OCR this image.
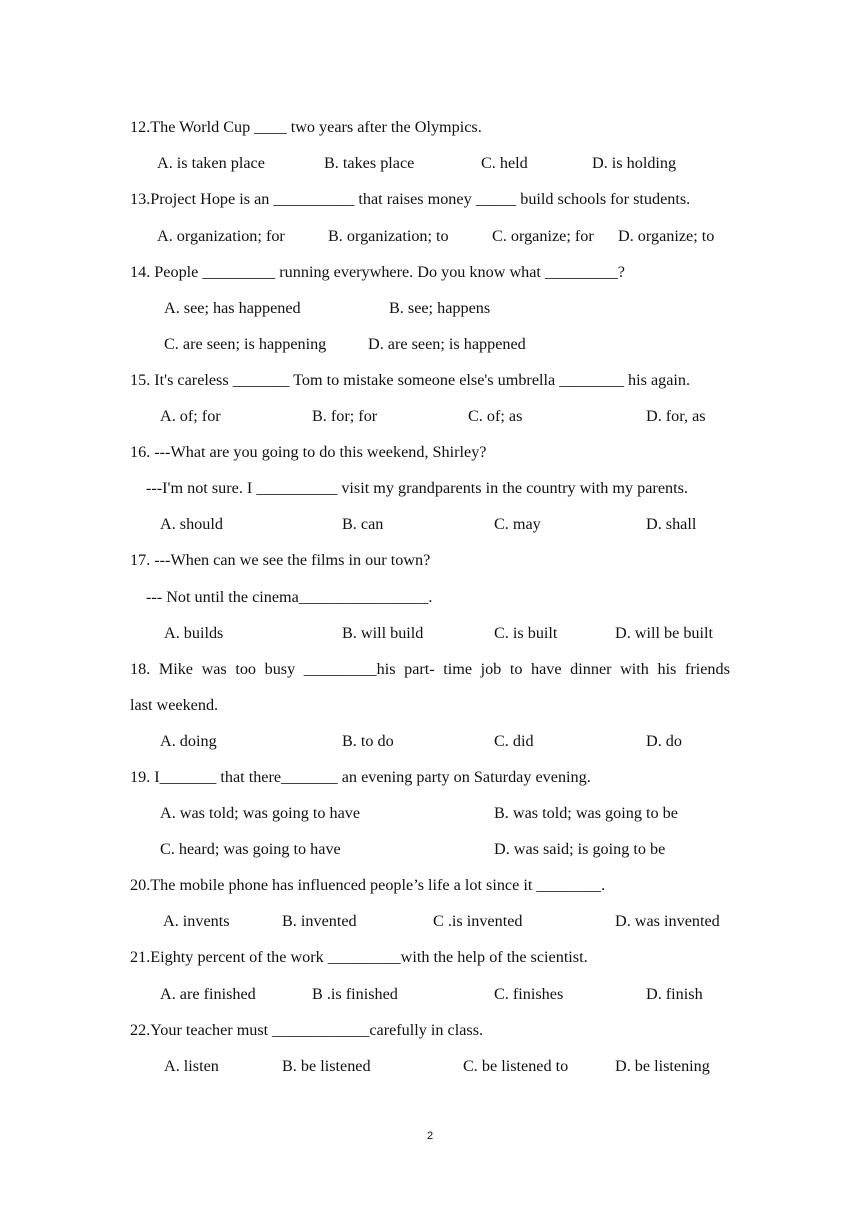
12.The World Cup ____ two years after the Olympics.
A. is taken place	B. takes place	C. held	D. is holding
13.Project Hope is an __________ that raises money _____ build schools for students.
A. organization; for	B. organization; to	C. organize; for D. organize; to
14. People _________ running everywhere. Do you know what _________?
A. see; has happened	B. see; happens
C. are seen; is happening	D. are seen; is happened
15. It's careless _______ Tom to mistake someone else's umbrella ________ his again.
A. of; for	B. for; for	C. of; as	D. for, as
16. ---What are you going to do this weekend, Shirley?
---I'm not sure. I __________ visit my grandparents in the country with my parents.
A. should	B. can	C. may	D. shall
17. ---When can we see the films in our town?
--- Not until the cinema________________.
A. builds	B. will build	C. is built	D. will be built
18. Mike was too busy _________his part- time job to have dinner with his friends
last weekend.
A. doing	B. to do	C. did	D. do
19. I_______ that there_______ an evening party on Saturday evening.
A. was told; was going to have	B. was told; was going to be
C. heard; was going to have	D. was said; is going to be
20.The mobile phone has influenced people’s life a lot since it ________.
A. invents	B. invented	C .is invented	D. was invented
21.Eighty percent of the work _________with the help of the scientist.
A. are finished	B .is finished	C. finishes	D. finish
22.Your teacher must ____________carefully in class.
A. listen	B. be listened	C. be listened to	D. be listening
2
